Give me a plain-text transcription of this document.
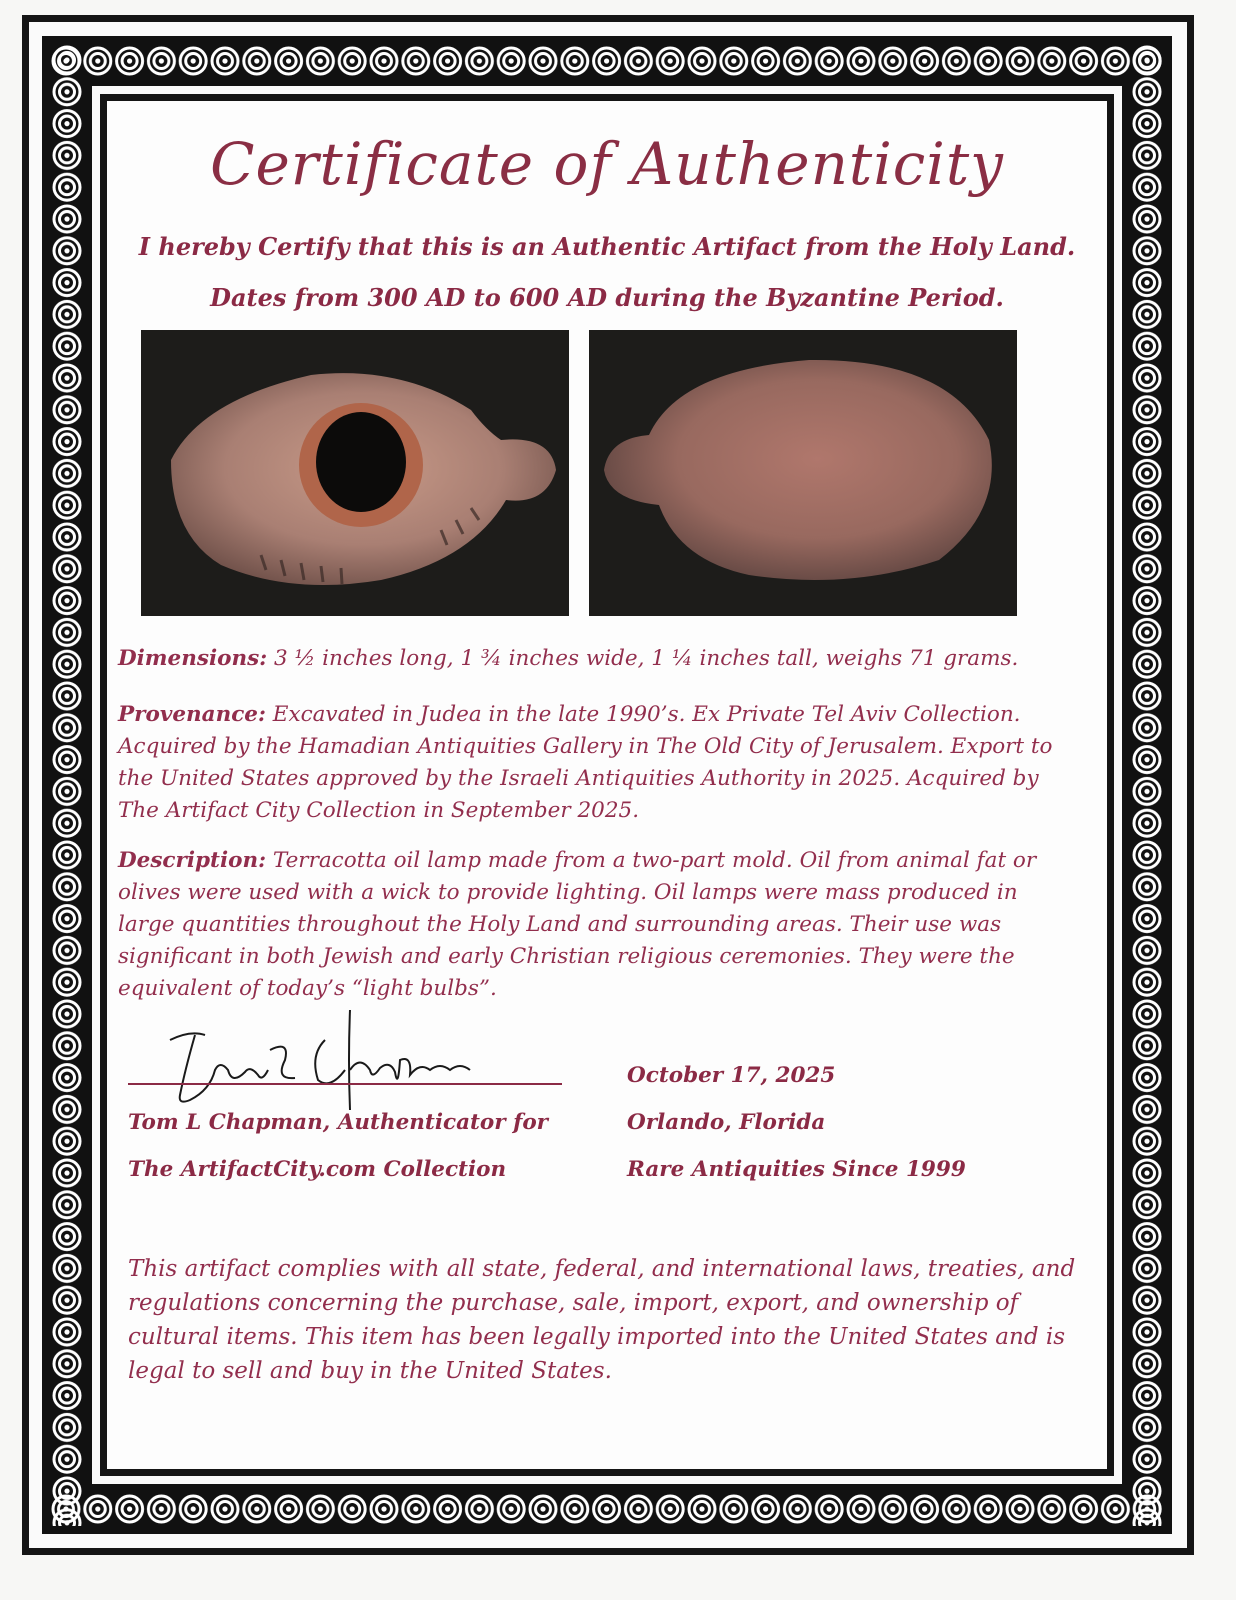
Certificate of Authenticity
I hereby Certify that this is an Authentic Artifact from the Holy Land.
Dates from 300 AD to 600 AD during the Byzantine Period.
Dimensions: 3 ½ inches long, 1 ¾ inches wide, 1 ¼ inches tall, weighs 71 grams.
Provenance: Excavated in Judea in the late 1990’s. Ex Private Tel Aviv Collection. Acquired by the Hamadian Antiquities Gallery in The Old City of Jerusalem. Export to the United States approved by the Israeli Antiquities Authority in 2025. Acquired by The Artifact City Collection in September 2025.
Description: Terracotta oil lamp made from a two-part mold. Oil from animal fat or olives were used with a wick to provide lighting. Oil lamps were mass produced in large quantities throughout the Holy Land and surrounding areas. Their use was significant in both Jewish and early Christian religious ceremonies. They were the equivalent of today’s “light bulbs”.
Tom L Chapman, Authenticator for
The ArtifactCity.com Collection
October 17, 2025
Orlando, Florida
Rare Antiquities Since 1999
This artifact complies with all state, federal, and international laws, treaties, and regulations concerning the purchase, sale, import, export, and ownership of cultural items. This item has been legally imported into the United States and is legal to sell and buy in the United States.
